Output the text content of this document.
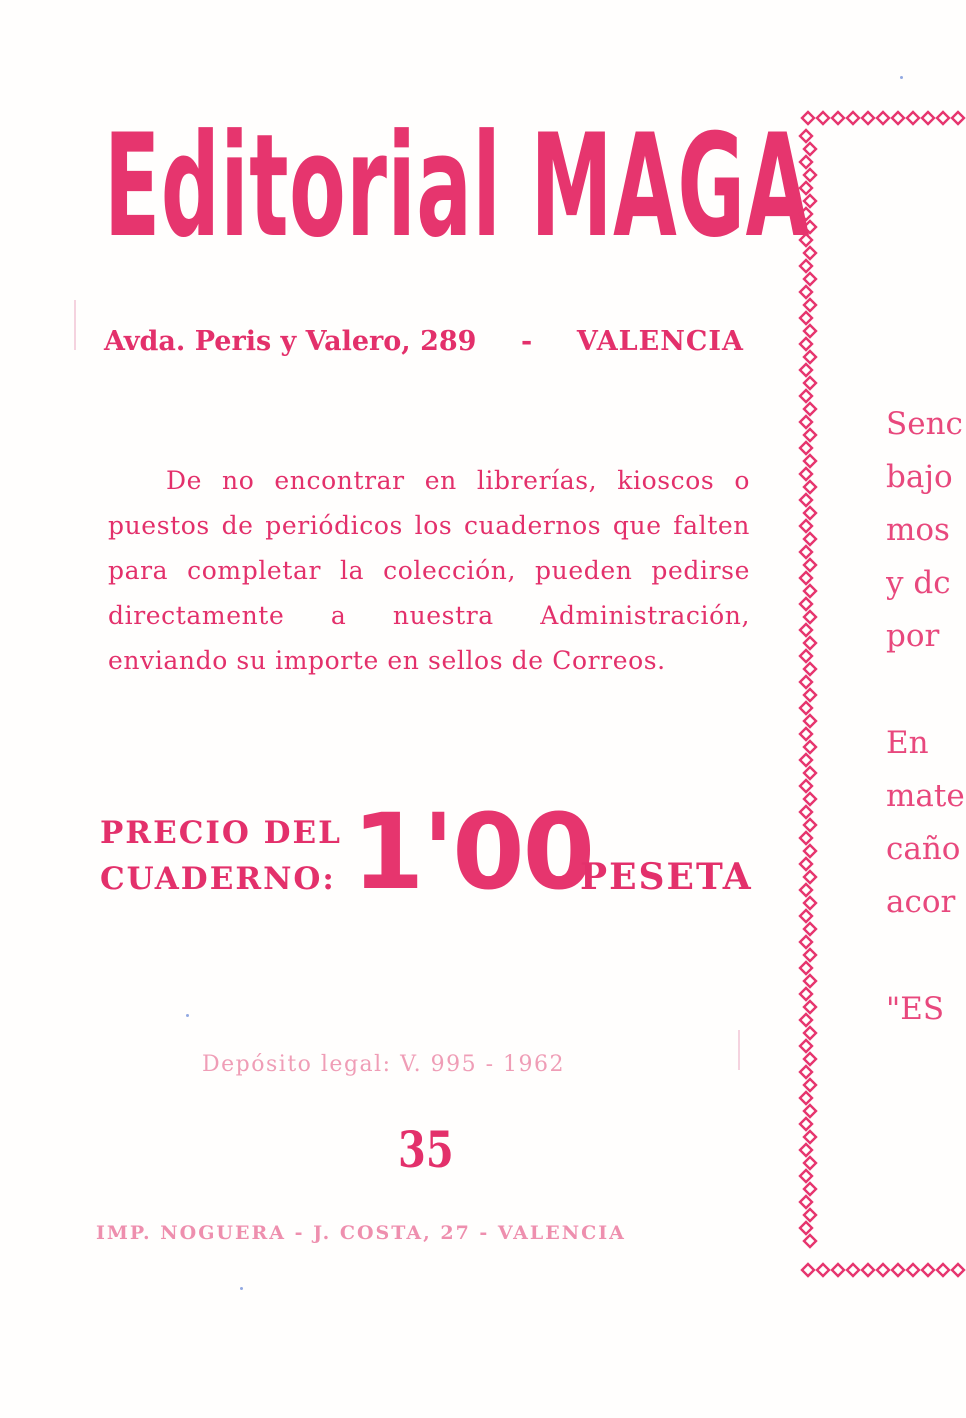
Editorial MAGA
Avda. Peris y Valero, 289 - VALENCIA

De no encontrar en librerías, kioscos o puestos de periódicos los cuadernos que falten para completar la colección, pueden pedirse directamente a nuestra Administración, enviando su importe en sellos de Correos.

PRECIO DEL
CUADERNO: 1'00
PESETA
Depósito legal: V. 995 - 1962
35
IMP. NOGUERA - J. COSTA, 27 - VALENCIA
Senc
bajo
mos
y dc
por
En
mate
caño
acor
"ES
